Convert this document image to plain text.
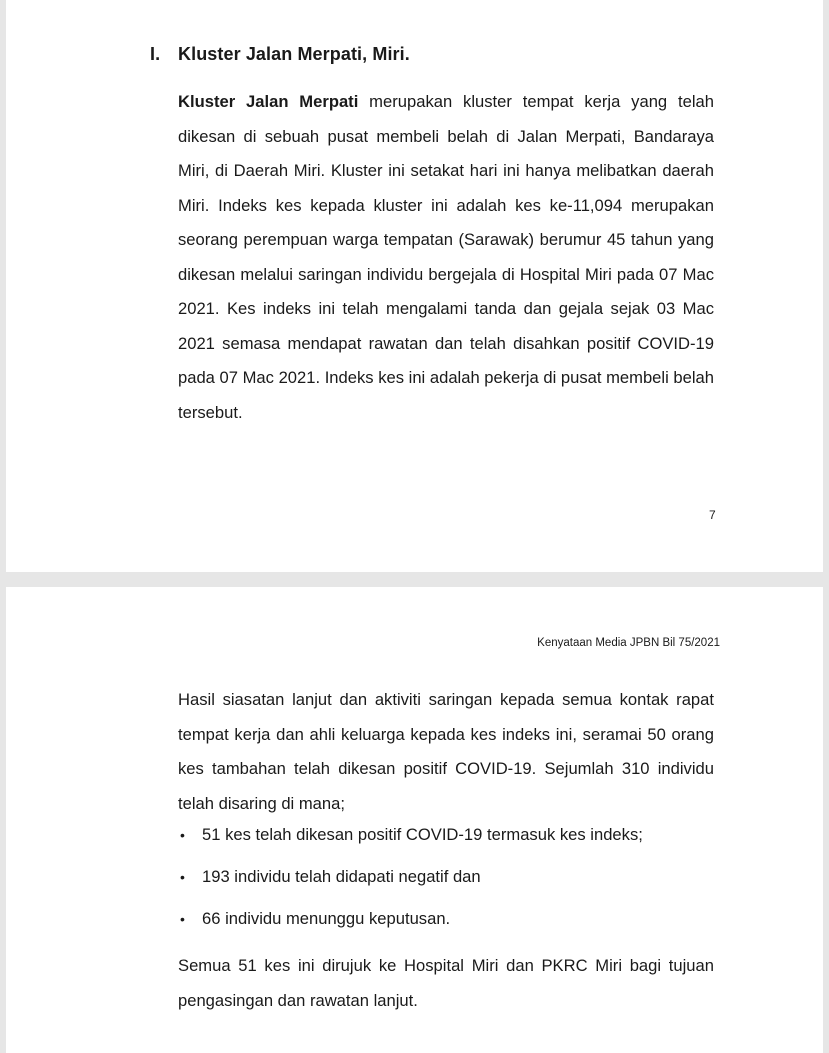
I. Kluster Jalan Merpati, Miri.
Kluster Jalan Merpati merupakan kluster tempat kerja yang telah dikesan di sebuah pusat membeli belah di Jalan Merpati, Bandaraya Miri, di Daerah Miri. Kluster ini setakat hari ini hanya melibatkan daerah Miri. Indeks kes kepada kluster ini adalah kes ke-11,094 merupakan seorang perempuan warga tempatan (Sarawak) berumur 45 tahun yang dikesan melalui saringan individu bergejala di Hospital Miri pada 07 Mac 2021. Kes indeks ini telah mengalami tanda dan gejala sejak 03 Mac 2021 semasa mendapat rawatan dan telah disahkan positif COVID-19 pada 07 Mac 2021. Indeks kes ini adalah pekerja di pusat membeli belah tersebut.
7
Kenyataan Media JPBN Bil 75/2021
Hasil siasatan lanjut dan aktiviti saringan kepada semua kontak rapat tempat kerja dan ahli keluarga kepada kes indeks ini, seramai 50 orang kes tambahan telah dikesan positif COVID-19. Sejumlah 310 individu telah disaring di mana;
•	51 kes telah dikesan positif COVID-19 termasuk kes indeks;
•	193 individu telah didapati negatif dan
•	66 individu menunggu keputusan.
Semua 51 kes ini dirujuk ke Hospital Miri dan PKRC Miri bagi tujuan pengasingan dan rawatan lanjut.
